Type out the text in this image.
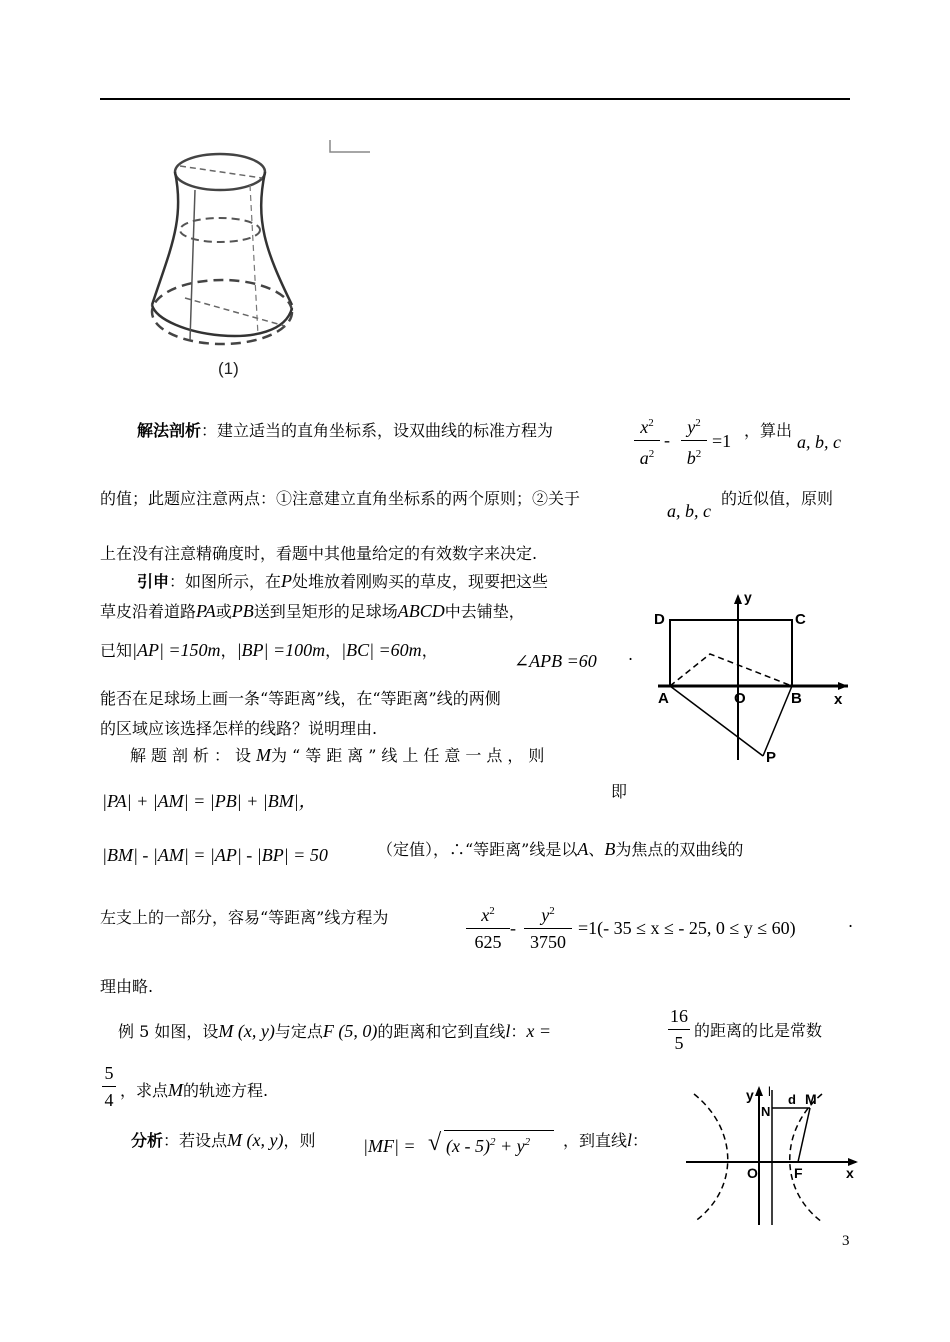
(1)
解法剖析：建立适当的直角坐标系，设双曲线的标准方程为	$x^2$
$a^2$
-
$y^2$
$b^2$
=1
，算出
a, b, c
的值；此题应注意两点：①注意建立直角坐标系的两个原则；②关于
a, b, c
的近似值，原则
上在没有注意精确度时，看题中其他量给定的有效数字来决定.
引申：如图所示，在P处堆放着刚购买的草皮，现要把这些
草皮沿着道路PA或PB送到呈矩形的足球场ABCD中去铺垫，
已知|AP| =150m，|BP| =100m，|BC| =60m，
∠APB =60 .
能否在足球场上画一条“等距离”线，在“等距离”线的两侧
的区域应该选择怎样的线路？说明理由.
D	C
y
A	O	B x
P
解题剖析：设M为“等距离”线上任意一点，则
|PA| + |AM| = |PB| + |BM|，	即
|BM| - |AM| = |AP| - |BP| = 50	（定值），∴“等距离”线是以A、B为焦点的双曲线的
左支上的一部分，容易“等距离”线方程为	$x^2$
625
-
$y^2$
3750
=1(- 35 ≤ x ≤ - 25, 0 ≤ y ≤ 60)	.
理由略.
例 5 如图，设M (x, y)与定点F (5, 0)的距离和它到直线l：x =
16
5
的距离的比是常数
5
4 ，求点M的轨迹方程.
分析：若设点M (x, y)，则	|MF| = √ $(x - 5)^2 + y^2$ ，到直线l：
y l
d M
N
O	F	x
3
